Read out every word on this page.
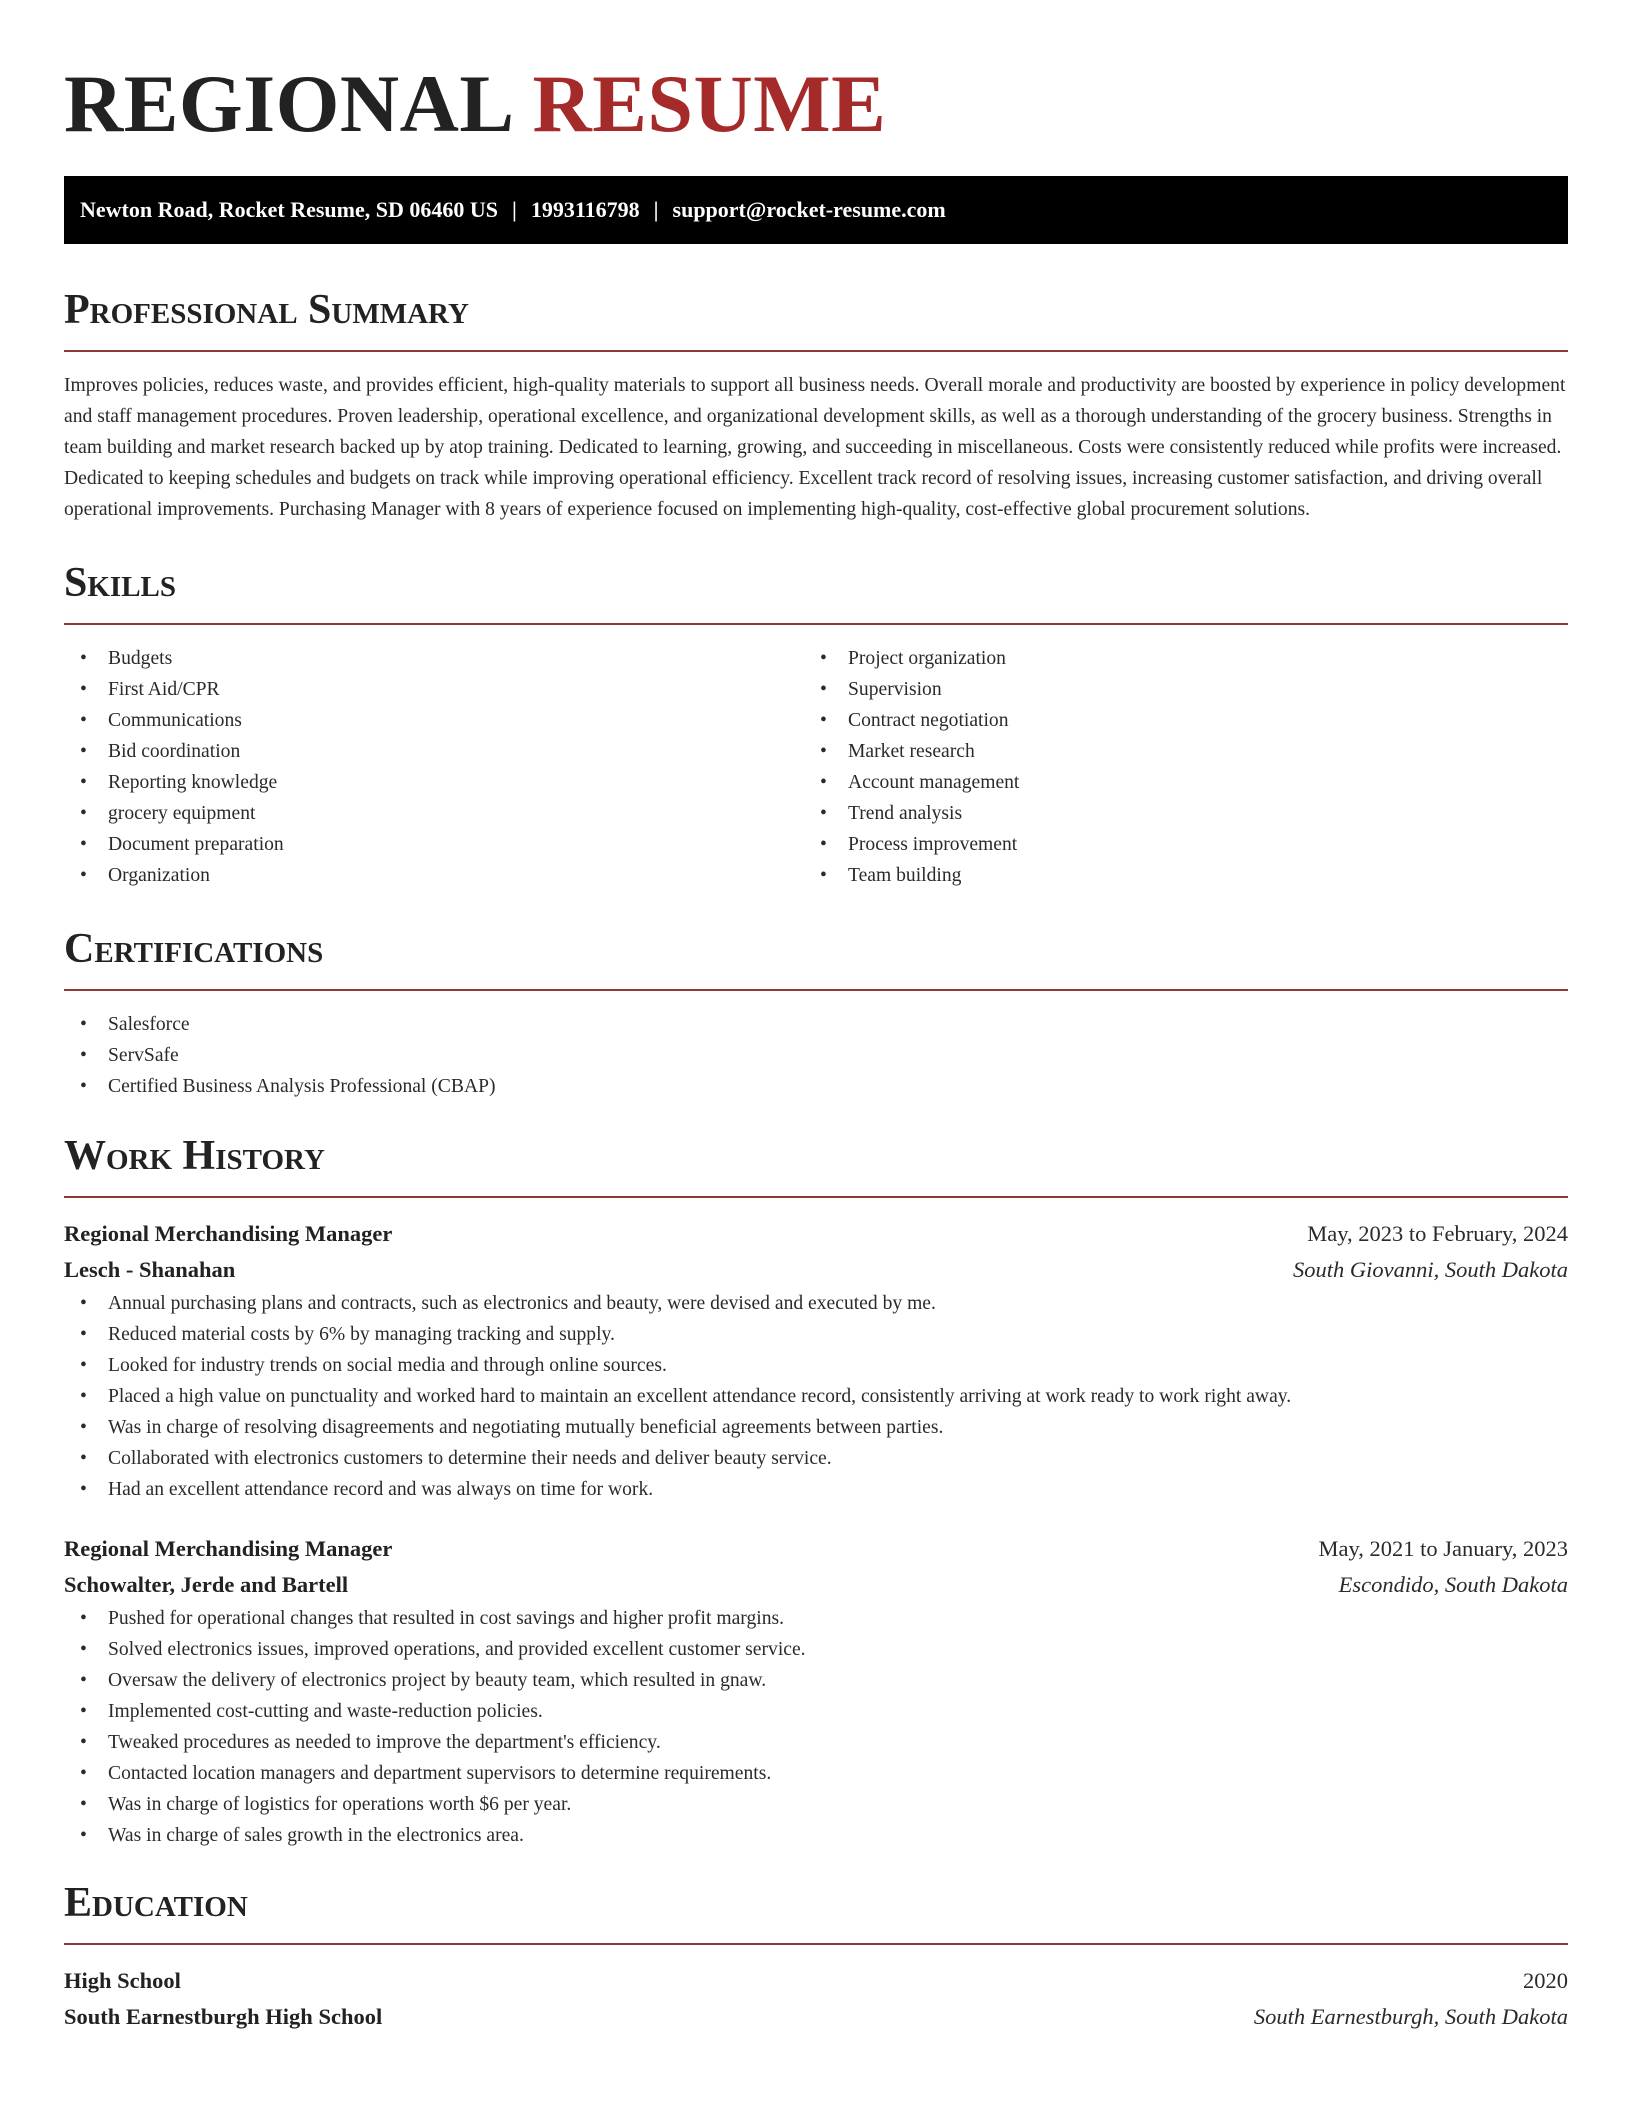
REGIONAL RESUME
Newton Road, Rocket Resume, SD 06460 US | 1993116798 | support@rocket-resume.com
Professional Summary

Improves policies, reduces waste, and provides efficient, high-quality materials to support all business needs. Overall morale and productivity are boosted by experience in policy development and staff management procedures. Proven leadership, operational excellence, and organizational development skills, as well as a thorough understanding of the grocery business. Strengths in team building and market research backed up by atop training. Dedicated to learning, growing, and succeeding in miscellaneous. Costs were consistently reduced while profits were increased. Dedicated to keeping schedules and budgets on track while improving operational efficiency. Excellent track record of resolving issues, increasing customer satisfaction, and driving overall operational improvements. Purchasing Manager with 8 years of experience focused on implementing high-quality, cost-effective global procurement solutions.

Skills
• Budgets
• First Aid/CPR
• Communications
• Bid coordination
• Reporting knowledge
• grocery equipment
• Document preparation
• Organization
• Project organization
• Supervision
• Contract negotiation
• Market research
• Account management
• Trend analysis
• Process improvement
• Team building
Certifications
• Salesforce
• ServSafe
• Certified Business Analysis Professional (CBAP)
Work History
Regional Merchandising Manager	May, 2023 to February, 2024
Lesch - Shanahan	South Giovanni, South Dakota
• Annual purchasing plans and contracts, such as electronics and beauty, were devised and executed by me.
• Reduced material costs by 6% by managing tracking and supply.
• Looked for industry trends on social media and through online sources.
• Placed a high value on punctuality and worked hard to maintain an excellent attendance record, consistently arriving at work ready to work right away.
• Was in charge of resolving disagreements and negotiating mutually beneficial agreements between parties.
• Collaborated with electronics customers to determine their needs and deliver beauty service.
• Had an excellent attendance record and was always on time for work.
Regional Merchandising Manager	May, 2021 to January, 2023
Schowalter, Jerde and Bartell	Escondido, South Dakota
• Pushed for operational changes that resulted in cost savings and higher profit margins.
• Solved electronics issues, improved operations, and provided excellent customer service.
• Oversaw the delivery of electronics project by beauty team, which resulted in gnaw.
• Implemented cost-cutting and waste-reduction policies.
• Tweaked procedures as needed to improve the department's efficiency.
• Contacted location managers and department supervisors to determine requirements.
• Was in charge of logistics for operations worth $6 per year.
• Was in charge of sales growth in the electronics area.
Education
High School	2020
South Earnestburgh High School	South Earnestburgh, South Dakota
